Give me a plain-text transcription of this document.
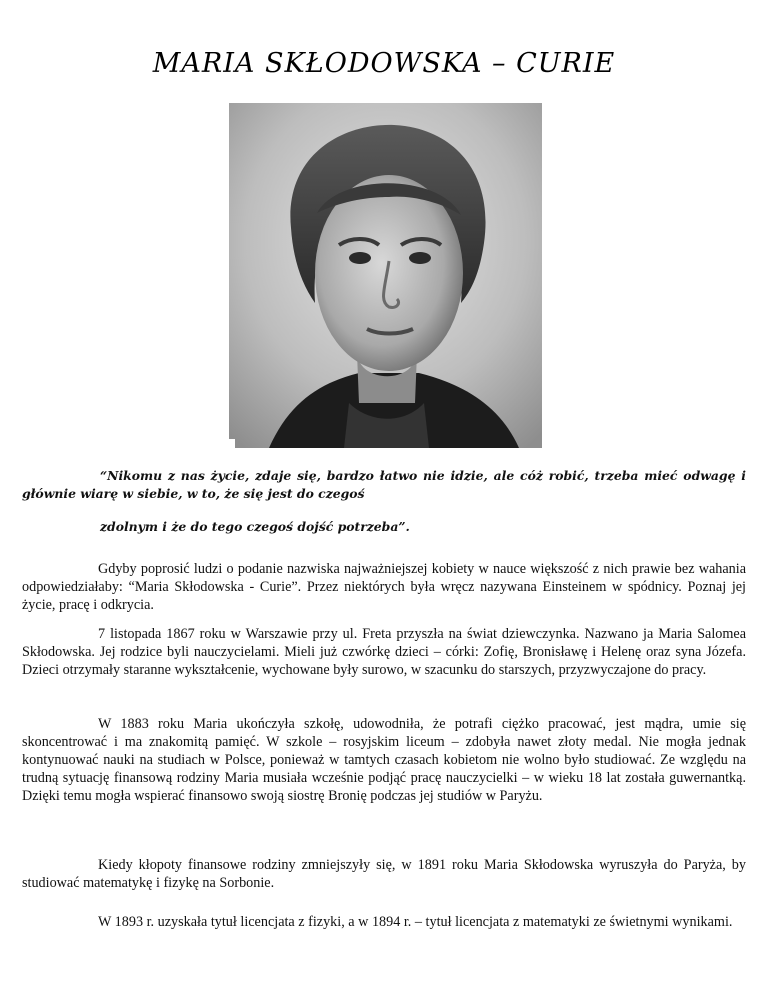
MARIA SKŁODOWSKA – CURIE

“Nikomu z nas życie, zdaje się, bardzo łatwo nie idzie, ale cóż robić, trzeba mieć odwagę i głównie wiarę w siebie, w to, że się jest do czegoś

zdolnym i że do tego czegoś dojść potrzeba”.

Gdyby poprosić ludzi o podanie nazwiska najważniejszej kobiety w nauce większość z nich prawie bez wahania odpowiedziałaby: “Maria Skłodowska - Curie”. Przez niektórych była wręcz nazywana Einsteinem w spódnicy. Poznaj jej życie, pracę i odkrycia.

7 listopada 1867 roku w Warszawie przy ul. Freta przyszła na świat dziewczynka. Nazwano ja Maria Salomea Skłodowska. Jej rodzice byli nauczycielami. Mieli już czwórkę dzieci – córki: Zofię, Bronisławę i Helenę oraz syna Józefa. Dzieci otrzymały staranne wykształcenie, wychowane były surowo, w szacunku do starszych, przyzwyczajone do pracy.

W 1883 roku Maria ukończyła szkołę, udowodniła, że potrafi ciężko pracować, jest mądra, umie się skoncentrować i ma znakomitą pamięć. W szkole – rosyjskim liceum – zdobyła nawet złoty medal. Nie mogła jednak kontynuować nauki na studiach w Polsce, ponieważ w tamtych czasach kobietom nie wolno było studiować. Ze względu na trudną sytuację finansową rodziny Maria musiała wcześnie podjąć pracę nauczycielki – w wieku 18 lat została guwernantką. Dzięki temu mogła wspierać finansowo swoją siostrę Bronię podczas jej studiów w Paryżu.

Kiedy kłopoty finansowe rodziny zmniejszyły się, w 1891 roku Maria Skłodowska wyruszyła do Paryża, by studiować matematykę i fizykę na Sorbonie.

W 1893 r. uzyskała tytuł licencjata z fizyki, a w 1894 r. – tytuł licencjata z matematyki ze świetnymi wynikami.
